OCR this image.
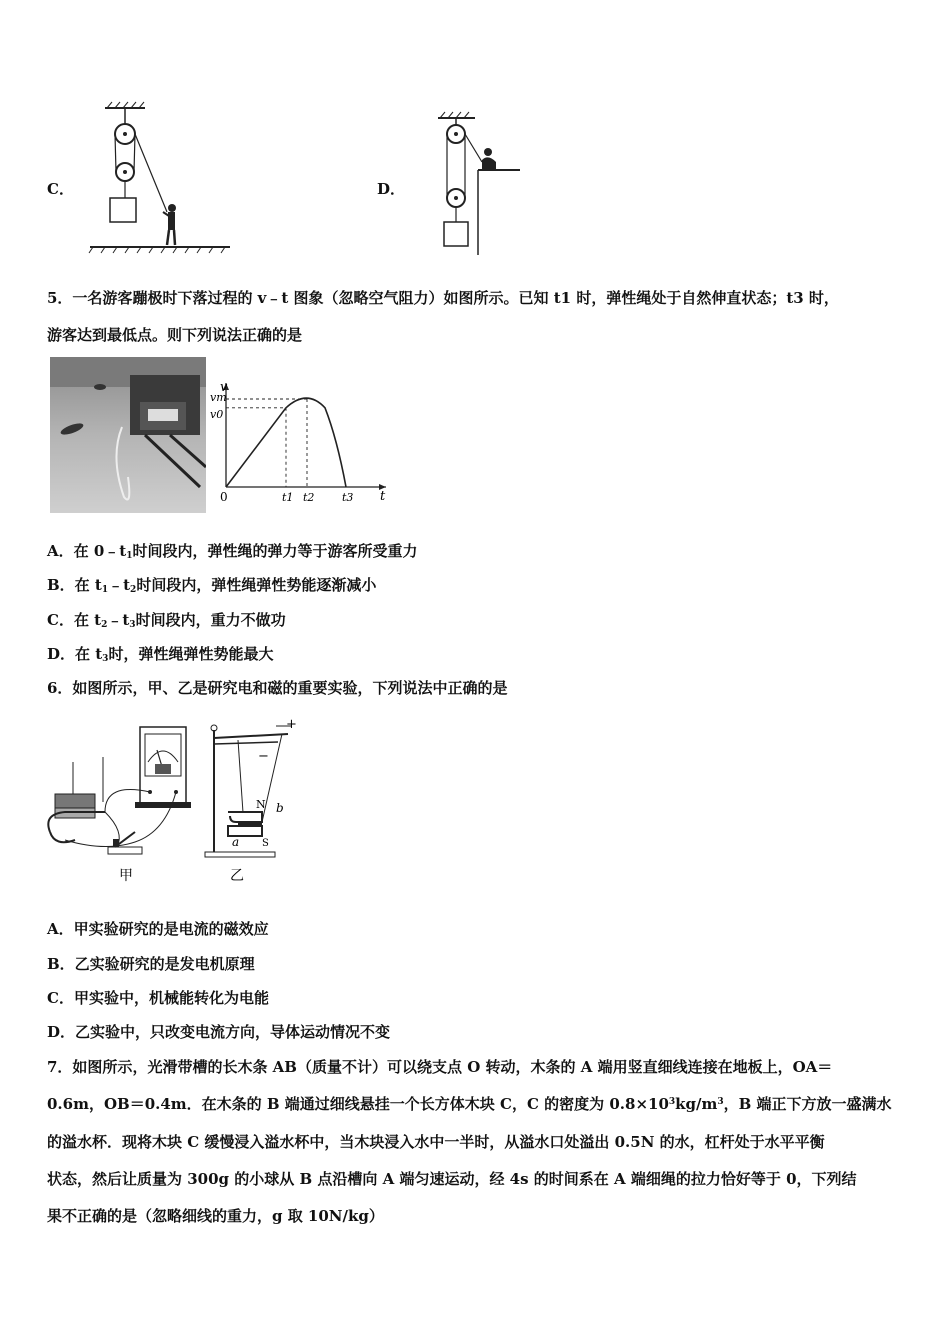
C．	D．
5．一名游客蹦极时下落过程的 v﹣t 图象（忽略空气阻力）如图所示。已知 t1 时，弹性绳处于自然伸直状态；t3 时，
游客达到最低点。则下列说法正确的是
v
t
0
vm
v0
t1 t2	t3
A．在 $0﹣t_1$时间段内，弹性绳的弹力等于游客所受重力
B．在 $t_1﹣t_2$时间段内，弹性绳弹性势能逐渐减小
C．在 $t_2﹣t_3$时间段内，重力不做功
D．在 $t_3$时，弹性绳弹性势能最大
6．如图所示，甲、乙是研究电和磁的重要实验，下列说法中正确的是
甲
+
−
N
S
a
b
乙
A．甲实验研究的是电流的磁效应
B．乙实验研究的是发电机原理
C．甲实验中，机械能转化为电能
D．乙实验中，只改变电流方向，导体运动情况不变
7．如图所示，光滑带槽的长木条 AB（质量不计）可以绕支点 O 转动，木条的 A 端用竖直细线连接在地板上，OA＝
0.6m，OB＝0.4m．在木条的 B 端通过细线悬挂一个长方体木块 C，C 的密度为 $0.8\times 10^3kg/m^3$，B 端正下方放一盛满水
的溢水杯．现将木块 C 缓慢浸入溢水杯中，当木块浸入水中一半时，从溢水口处溢出 0.5N 的水，杠杆处于水平平衡
状态，然后让质量为 300g 的小球从 B 点沿槽向 A 端匀速运动，经 4s 的时间系在 A 端细绳的拉力恰好等于 0，下列结
果不正确的是（忽略细线的重力，g 取 10N/kg）
